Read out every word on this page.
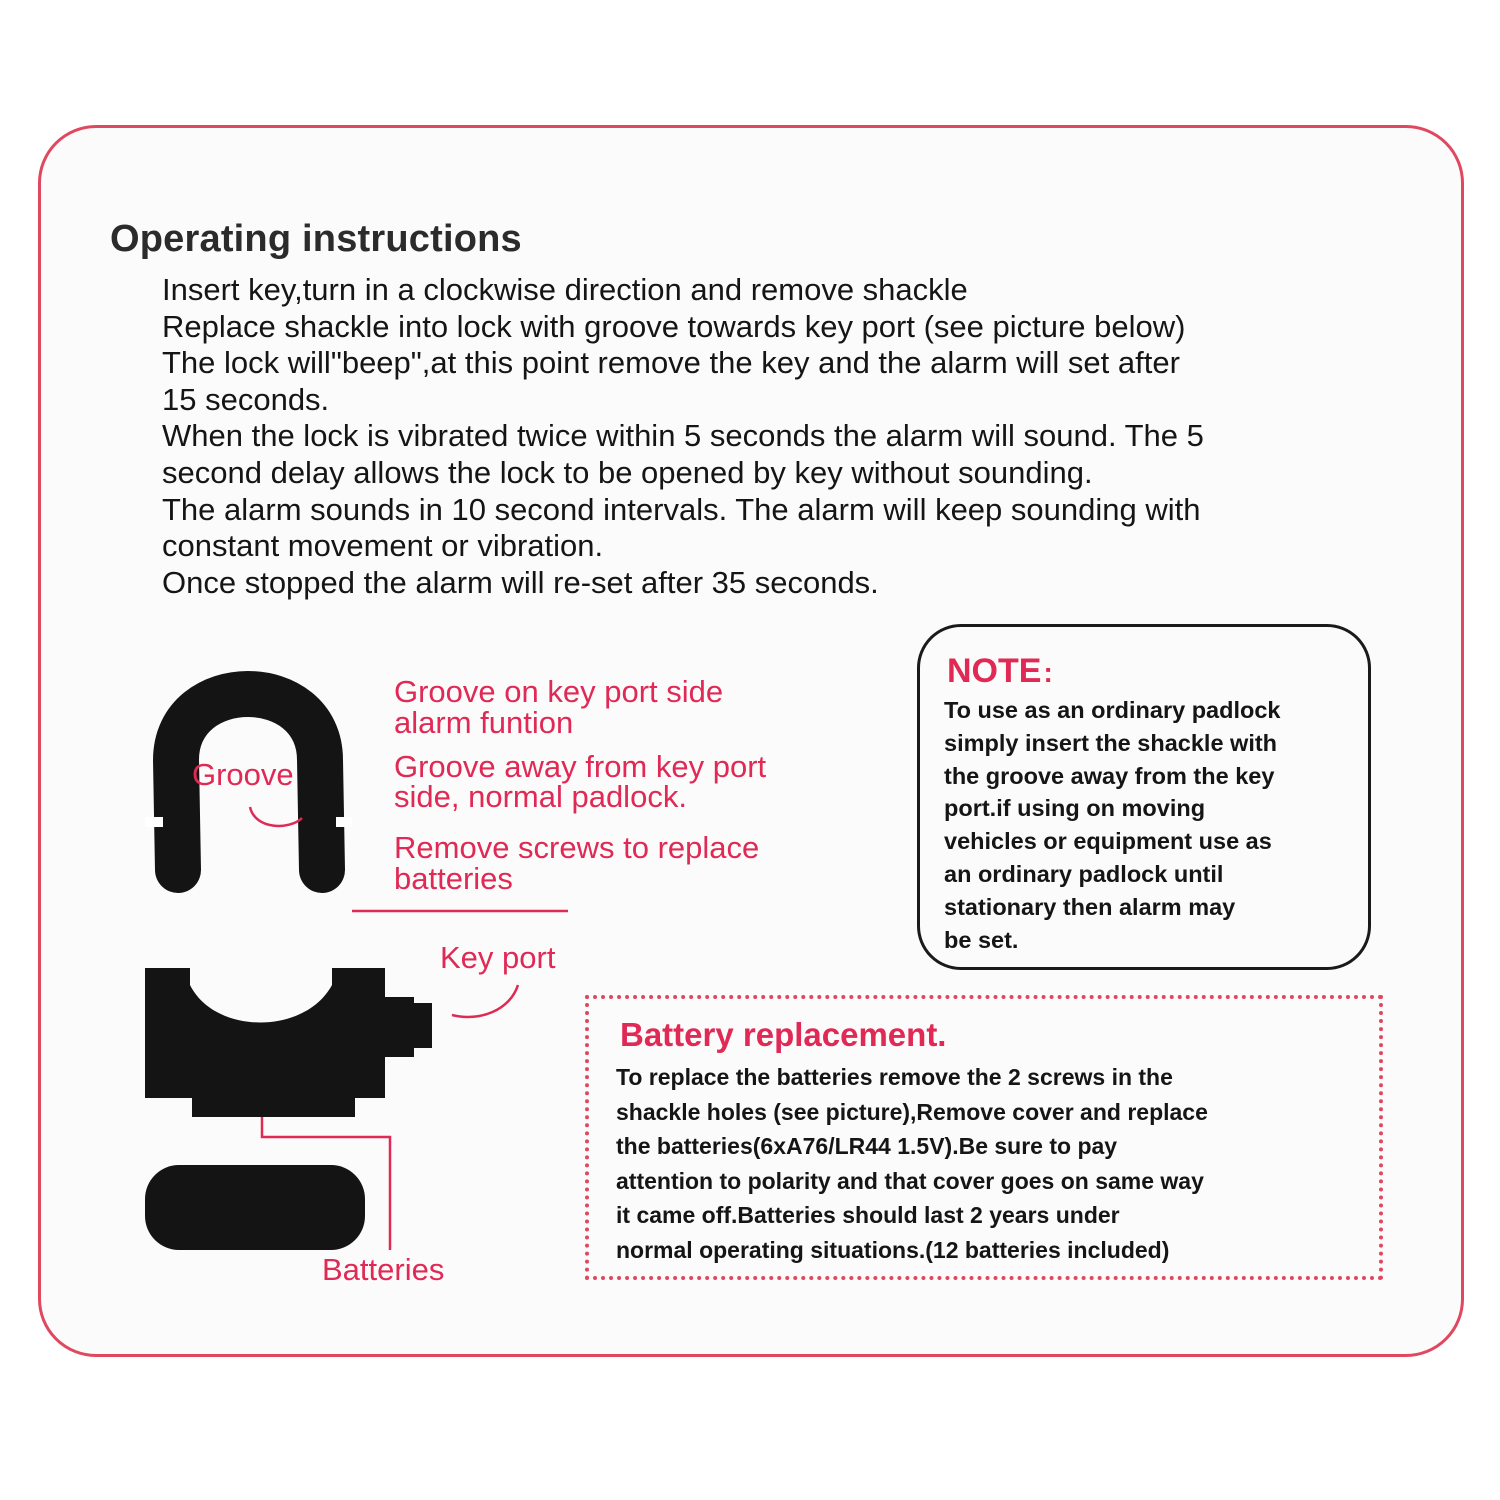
Operating instructions
Insert key,turn in a clockwise direction and remove shackle
Replace shackle into lock with groove towards key port (see picture below)
The lock will"beep",at this point remove the key and the alarm will set after
15 seconds.
When the lock is vibrated twice within 5 seconds the alarm will sound. The 5
second delay allows the lock to be opened by key without sounding.
The alarm sounds in 10 second intervals. The alarm will keep sounding with
constant movement or vibration.
Once stopped the alarm will re-set after 35 seconds.
Groove
Key port
Batteries
Groove on key port side
alarm funtion
Groove away from key port
side, normal padlock.
Remove screws to replace
batteries
NOTE:
To use as an ordinary padlock
simply insert the shackle with
the groove away from the key
port.if using on moving
vehicles or equipment use as
an ordinary padlock until
stationary then alarm may
be set.
Battery replacement.
To replace the batteries remove the 2 screws in the
shackle holes (see picture),Remove cover and replace
the batteries(6xA76/LR44 1.5V).Be sure to pay
attention to polarity and that cover goes on same way
it came off.Batteries should last 2 years under
normal operating situations.(12 batteries included)
